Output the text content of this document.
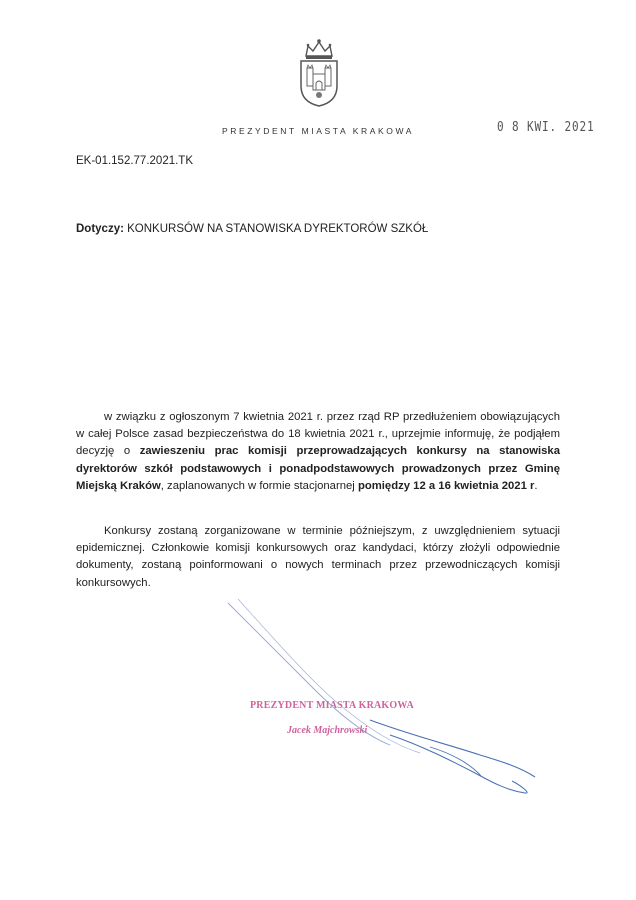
PREZYDENT MIASTA KRAKOWA	0 8 KWI. 2021
EK-01.152.77.2021.TK
Dotyczy: KONKURSÓW NA STANOWISKA DYREKTORÓW SZKÓŁ
w związku z ogłoszonym 7 kwietnia 2021 r. przez rząd RP przedłużeniem obowiązujących w całej Polsce zasad bezpieczeństwa do 18 kwietnia 2021 r., uprzejmie informuję, że podjąłem decyzję o zawieszeniu prac komisji przeprowadzających konkursy na stanowiska dyrektorów szkół podstawowych i ponadpodstawowych prowadzonych przez Gminę Miejską Kraków, zaplanowanych w formie stacjonarnej pomiędzy 12 a 16 kwietnia 2021 r.
Konkursy zostaną zorganizowane w terminie późniejszym, z uwzględnieniem sytuacji epidemicznej. Członkowie komisji konkursowych oraz kandydaci, którzy złożyli odpowiednie dokumenty, zostaną poinformowani o nowych terminach przez przewodniczących komisji konkursowych.
PREZYDENT MIASTA KRAKOWA
Jacek Majchrowski
